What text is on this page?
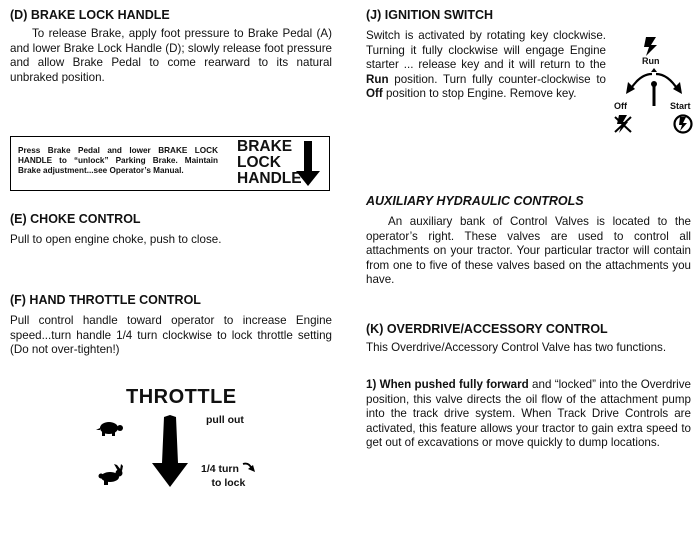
(D) BRAKE LOCK HANDLE

To release Brake, apply foot pressure to Brake Pedal (A) and lower Brake Lock Handle (D); slowly release foot pressure and allow Brake Pedal to come rearward to its natural unbraked position.

Press Brake Pedal and lower BRAKE LOCK HANDLE to “unlock” Parking Brake. Maintain Brake adjustment...see Operator’s Manual.
BRAKE
LOCK
HANDLE
(E) CHOKE CONTROL

Pull to open engine choke, push to close.

(F) HAND THROTTLE CONTROL

Pull control handle toward operator to increase Engine speed...turn handle 1/4 turn clockwise to lock throttle setting (Do not over-tighten!)

THROTTLE
pull out
1/4 turn
to lock
(J) IGNITION SWITCH

Switch is activated by rotating key clockwise. Turning it fully clockwise will engage Engine starter ... release key and it will return to the Run position. Turn fully counter-clockwise to Off position to stop Engine. Remove key.

Run
Off	Start
AUXILIARY HYDRAULIC CONTROLS

An auxiliary bank of Control Valves is located to the operator’s right. These valves are used to control all attachments on your tractor. Your particular tractor will contain from one to five of these valves based on the attachments you have.

(K) OVERDRIVE/ACCESSORY CONTROL

This Overdrive/Accessory Control Valve has two functions.

1) When pushed fully forward and “locked” into the Overdrive position, this valve directs the oil flow of the attachment pump into the track drive system. When Track Drive Controls are activated, this feature allows your tractor to gain extra speed to get out of excavations or move quickly to dump locations.
